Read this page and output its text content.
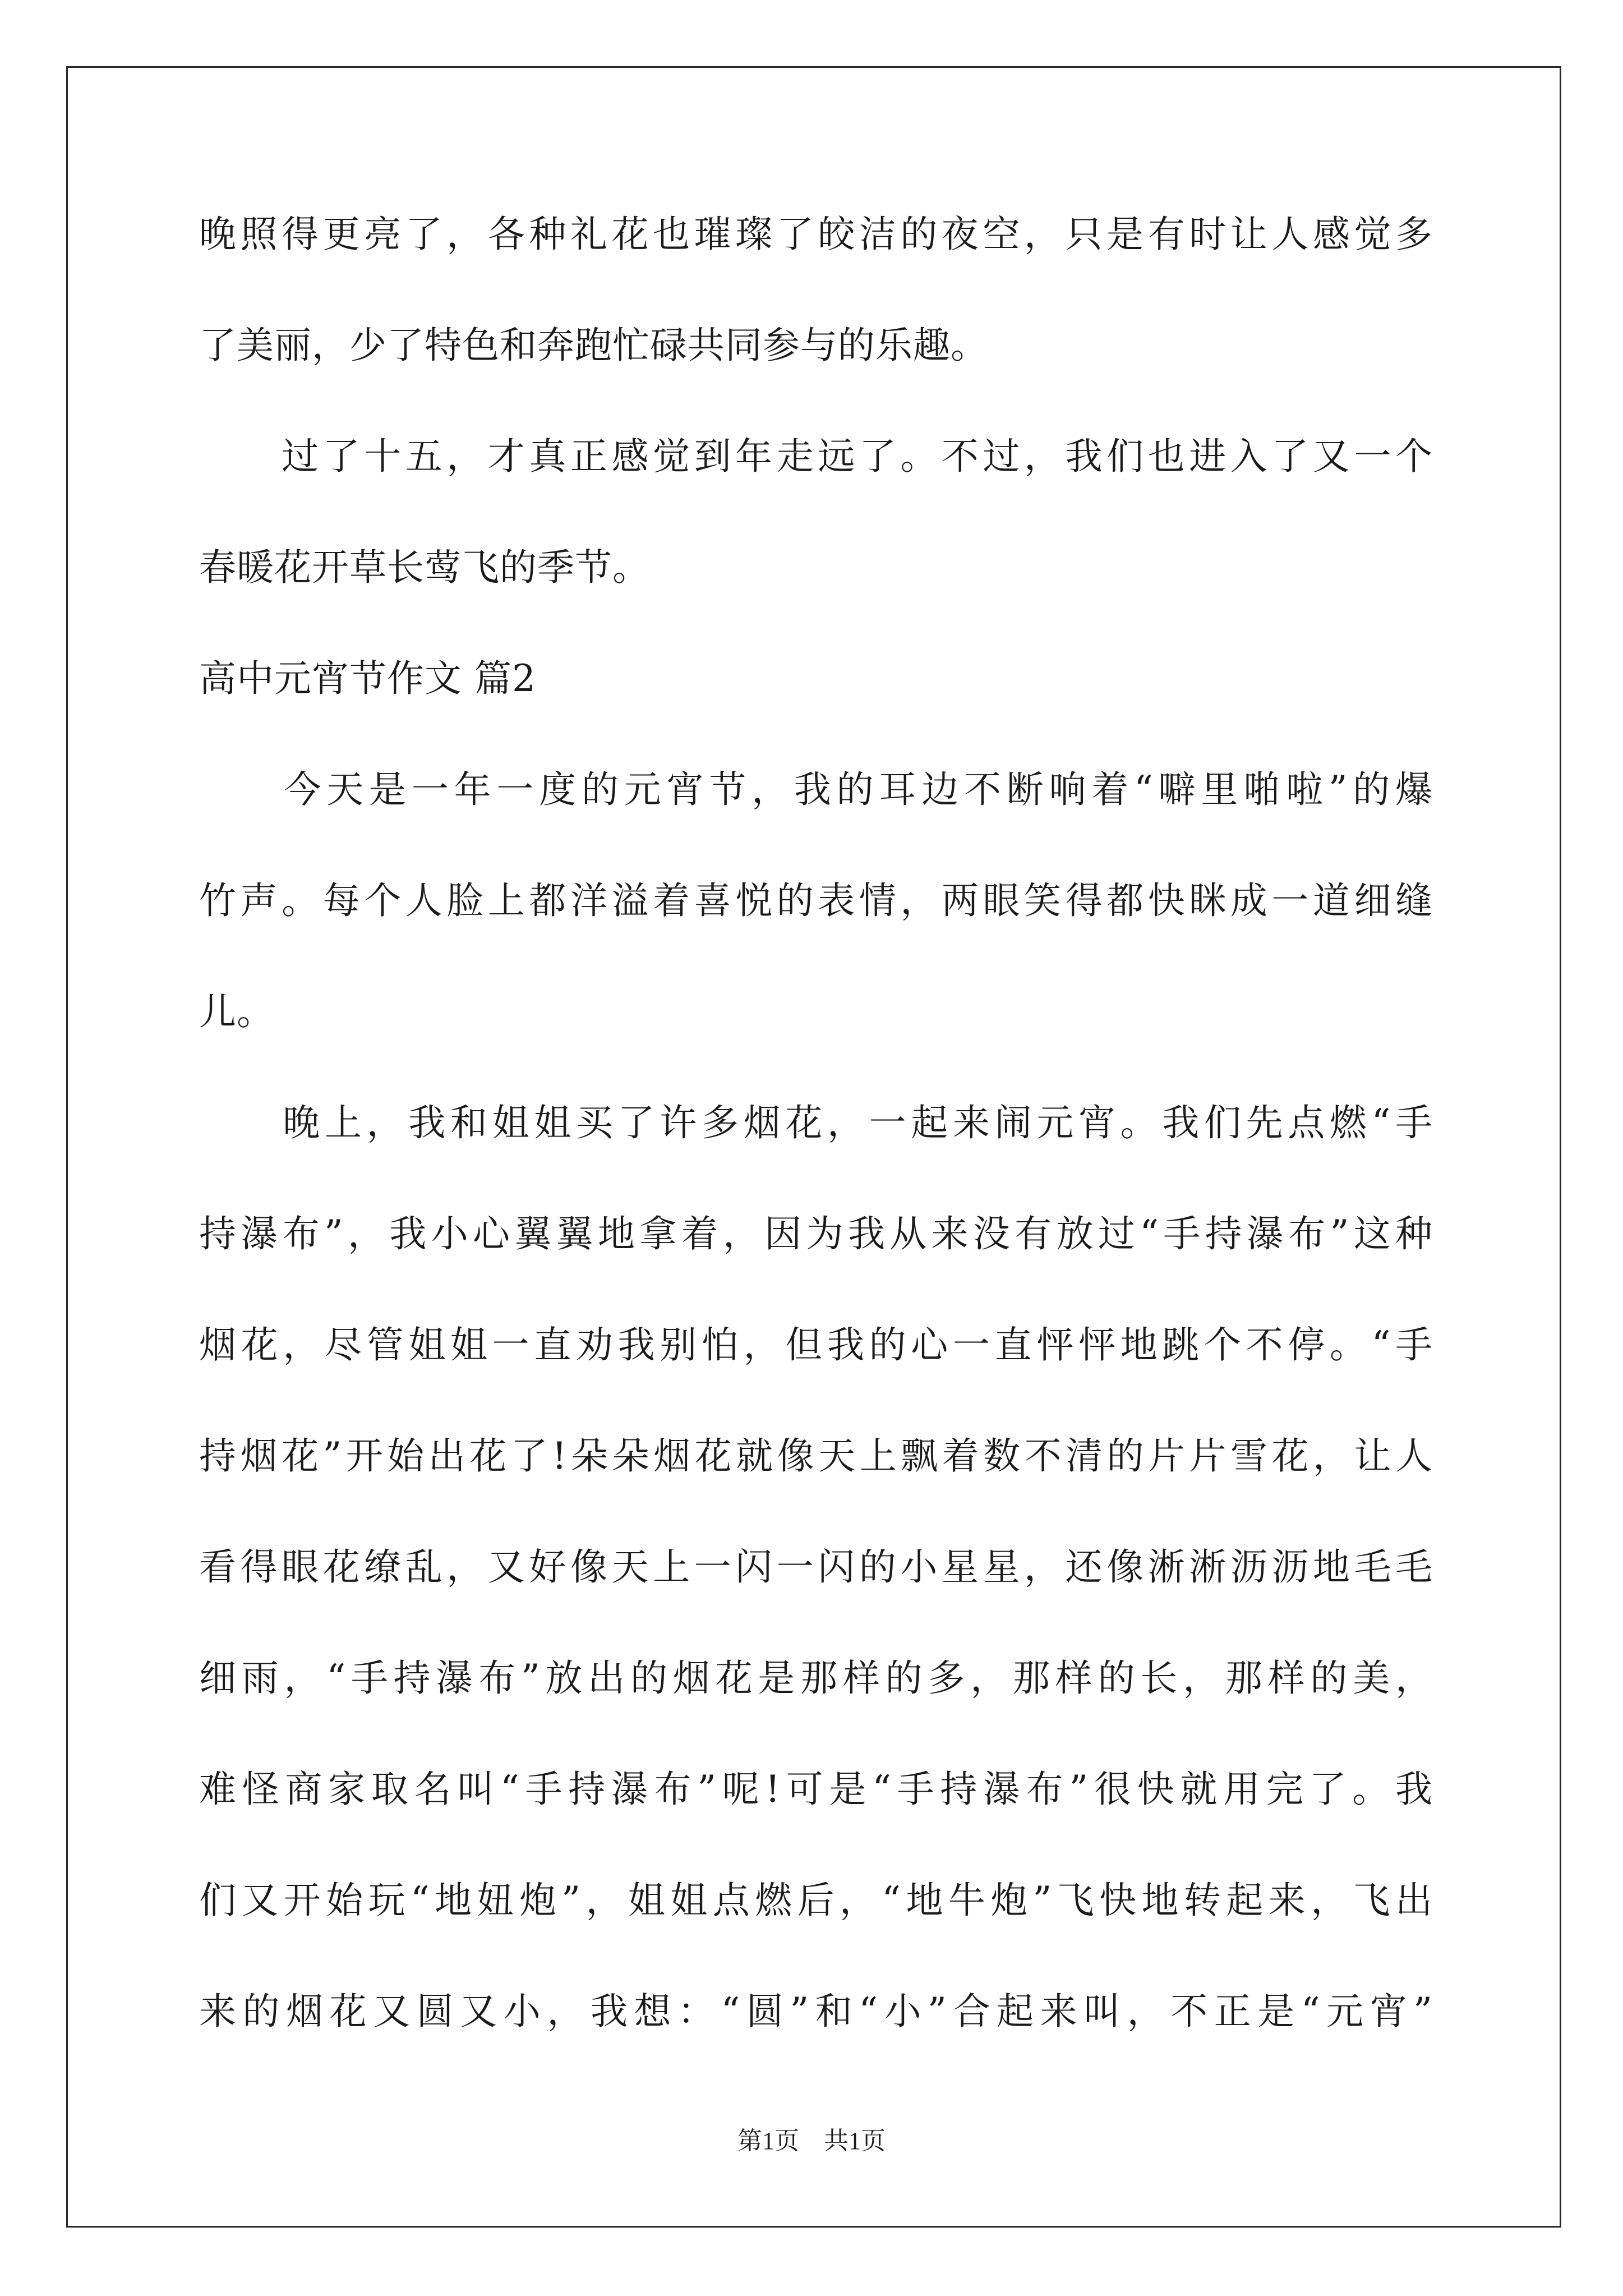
晚照得更亮了，各种礼花也璀璨了皎洁的夜空，只是有时让人感觉多
了美丽，少了特色和奔跑忙碌共同参与的乐趣。
　　过了十五，才真正感觉到年走远了。不过，我们也进入了又一个
春暖花开草长莺飞的季节。
高中元宵节作文 篇2
　　今天是一年一度的元宵节，我的耳边不断响着“噼里啪啦”的爆
竹声。每个人脸上都洋溢着喜悦的表情，两眼笑得都快眯成一道细缝
儿。
　　晚上，我和姐姐买了许多烟花，一起来闹元宵。我们先点燃“手
持瀑布”，我小心翼翼地拿着，因为我从来没有放过“手持瀑布”这种
烟花，尽管姐姐一直劝我别怕，但我的心一直怦怦地跳个不停。“手
持烟花”开始出花了!朵朵烟花就像天上飘着数不清的片片雪花，让人
看得眼花缭乱，又好像天上一闪一闪的小星星，还像淅淅沥沥地毛毛
细雨，“手持瀑布”放出的烟花是那样的多，那样的长，那样的美，
难怪商家取名叫“手持瀑布”呢!可是“手持瀑布”很快就用完了。我
们又开始玩“地妞炮”，姐姐点燃后，“地牛炮”飞快地转起来，飞出
来的烟花又圆又小，我想：“圆”和“小”合起来叫，不正是“元宵”
第1页　共1页
